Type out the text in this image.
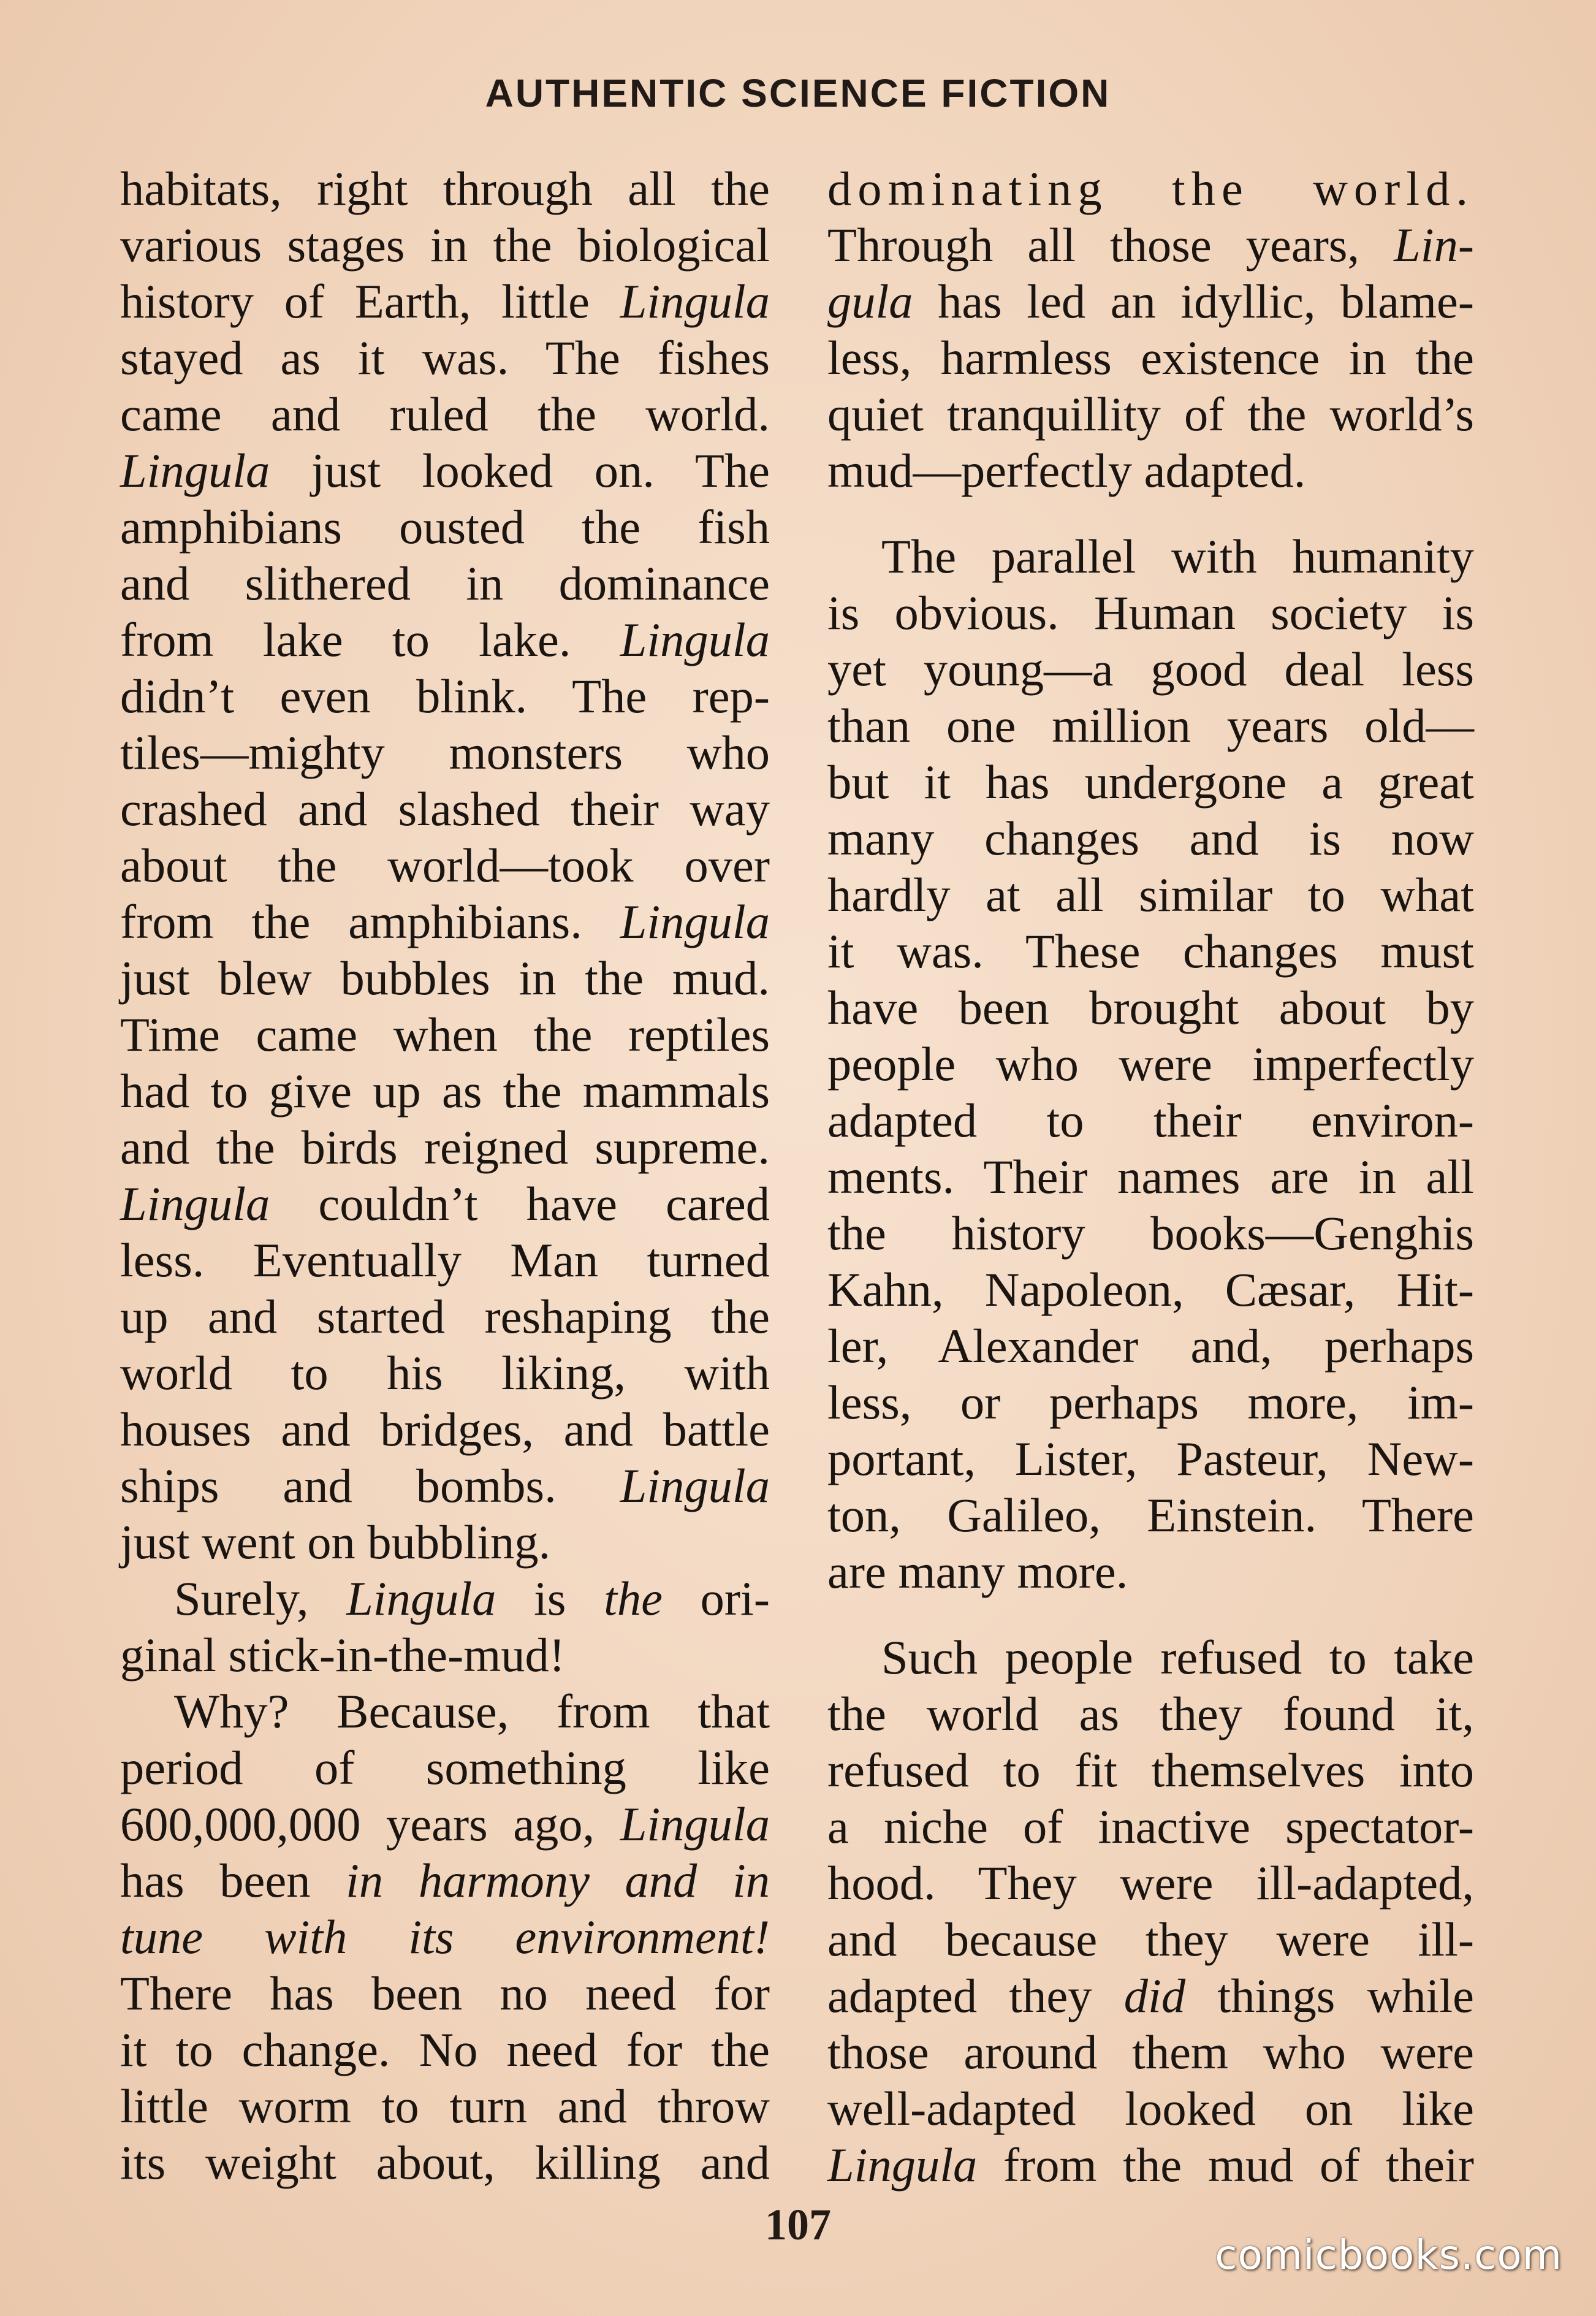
AUTHENTIC SCIENCE FICTION
habitats, right through all the
various stages in the biological
history of Earth, little Lingula
stayed as it was. The fishes
came and ruled the world.
Lingula just looked on. The
amphibians ousted the fish
and slithered in dominance
from lake to lake. Lingula
didn’t even blink. The rep-
tiles—mighty monsters who
crashed and slashed their way
about the world—took over
from the amphibians. Lingula
just blew bubbles in the mud.
Time came when the reptiles
had to give up as the mammals
and the birds reigned supreme.
Lingula couldn’t have cared
less. Eventually Man turned
up and started reshaping the
world to his liking, with
houses and bridges, and battle
ships and bombs. Lingula
just went on bubbling.
Surely, Lingula is the ori-
ginal stick-in-the-mud!
Why? Because, from that
period of something like
600,000,000 years ago, Lingula
has been in harmony and in
tune with its environment!
There has been no need for
it to change. No need for the
little worm to turn and throw
its weight about, killing and
dominating the world.
Through all those years, Lin-
gula has led an idyllic, blame-
less, harmless existence in the
quiet tranquillity of the world’s
mud—perfectly adapted.
The parallel with humanity
is obvious. Human society is
yet young—a good deal less
than one million years old—
but it has undergone a great
many changes and is now
hardly at all similar to what
it was. These changes must
have been brought about by
people who were imperfectly
adapted to their environ-
ments. Their names are in all
the history books—Genghis
Kahn, Napoleon, Cæsar, Hit-
ler, Alexander and, perhaps
less, or perhaps more, im-
portant, Lister, Pasteur, New-
ton, Galileo, Einstein. There
are many more.
Such people refused to take
the world as they found it,
refused to fit themselves into
a niche of inactive spectator-
hood. They were ill-adapted,
and because they were ill-
adapted they did things while
those around them who were
well-adapted looked on like
Lingula from the mud of their
107
comicbooks.com
